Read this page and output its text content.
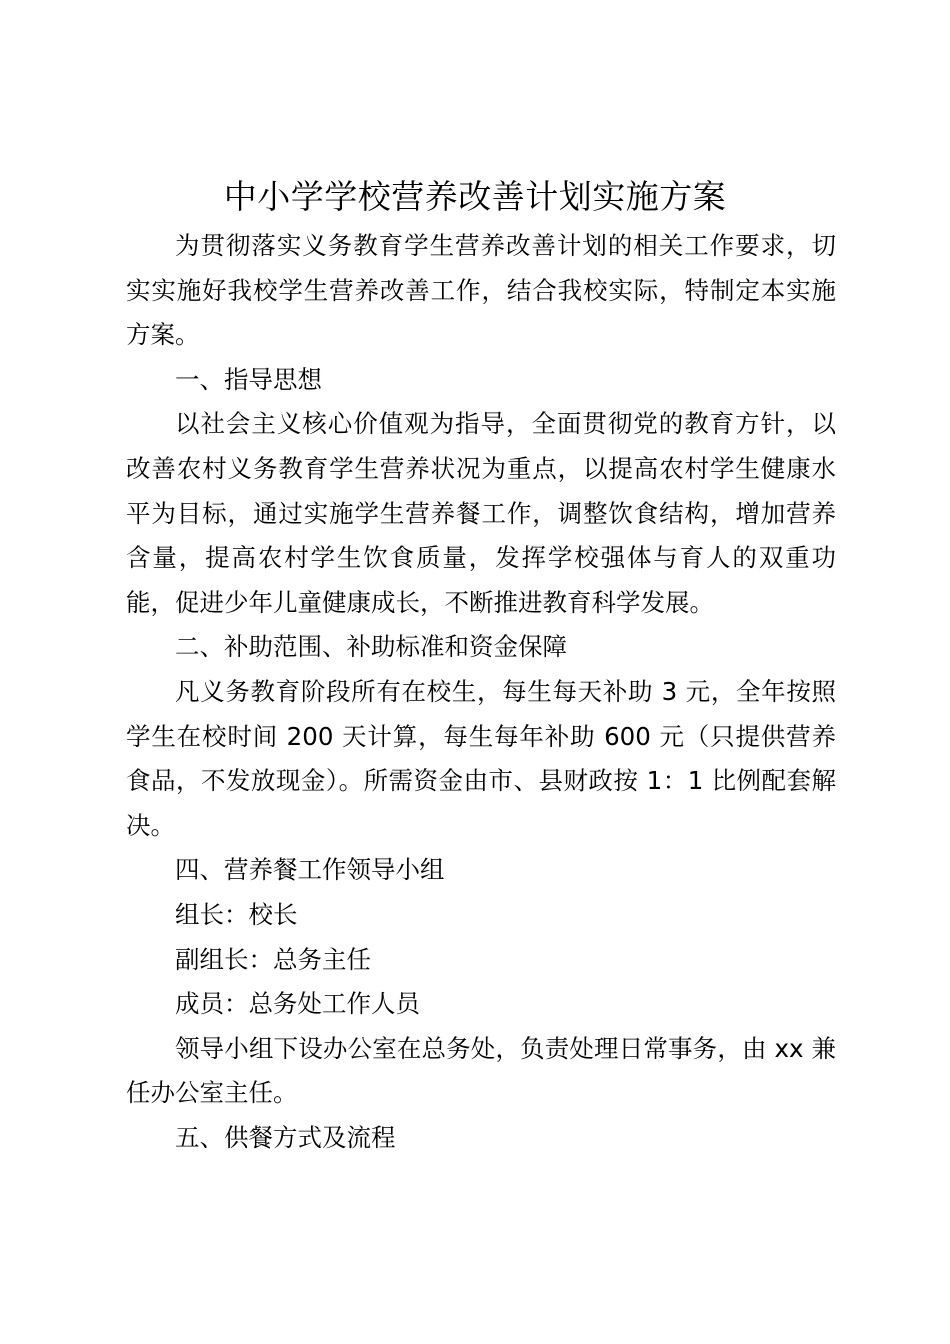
中小学学校营养改善计划实施方案

为贯彻落实义务教育学生营养改善计划的相关工作要求，切实实施好我校学生营养改善工作，结合我校实际，特制定本实施方案。

一、指导思想

以社会主义核心价值观为指导，全面贯彻党的教育方针，以改善农村义务教育学生营养状况为重点，以提高农村学生健康水平为目标，通过实施学生营养餐工作，调整饮食结构，增加营养含量，提高农村学生饮食质量，发挥学校强体与育人的双重功能，促进少年儿童健康成长，不断推进教育科学发展。

二、补助范围、补助标准和资金保障

凡义务教育阶段所有在校生，每生每天补助 3 元，全年按照学生在校时间 200 天计算，每生每年补助 600 元（只提供营养食品，不发放现金）。所需资金由市、县财政按 1：1 比例配套解决。

四、营养餐工作领导小组

组长：校长

副组长：总务主任

成员：总务处工作人员

领导小组下设办公室在总务处，负责处理日常事务，由 xx 兼任办公室主任。

五、供餐方式及流程
